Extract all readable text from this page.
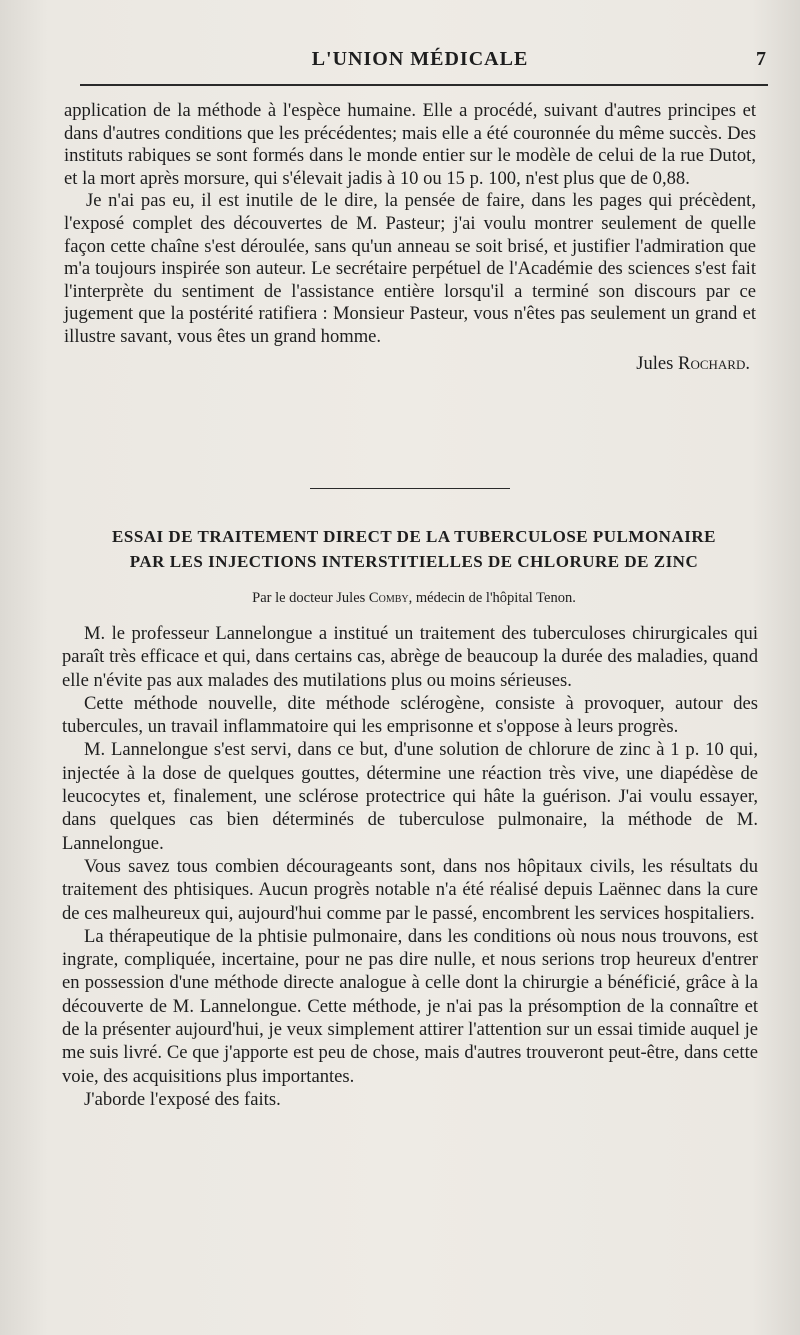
L'UNION MÉDICALE	7

application de la méthode à l'espèce humaine. Elle a procédé, suivant d'autres principes et dans d'autres conditions que les précédentes; mais elle a été couronnée du même succès. Des instituts rabiques se sont formés dans le monde entier sur le modèle de celui de la rue Dutot, et la mort après morsure, qui s'élevait jadis à 10 ou 15 p. 100, n'est plus que de 0,88.

Je n'ai pas eu, il est inutile de le dire, la pensée de faire, dans les pages qui précèdent, l'exposé complet des découvertes de M. Pasteur; j'ai voulu montrer seulement de quelle façon cette chaîne s'est déroulée, sans qu'un anneau se soit brisé, et justifier l'admiration que m'a toujours inspirée son auteur. Le secrétaire perpétuel de l'Académie des sciences s'est fait l'interprète du sentiment de l'assistance entière lorsqu'il a terminé son discours par ce jugement que la postérité ratifiera : Monsieur Pasteur, vous n'êtes pas seulement un grand et illustre savant, vous êtes un grand homme.

Jules Rochard.
ESSAI DE TRAITEMENT DIRECT DE LA TUBERCULOSE PULMONAIRE
PAR LES INJECTIONS INTERSTITIELLES DE CHLORURE DE ZINC
Par le docteur Jules Comby, médecin de l'hôpital Tenon.

M. le professeur Lannelongue a institué un traitement des tuberculoses chirurgicales qui paraît très efficace et qui, dans certains cas, abrège de beaucoup la durée des maladies, quand elle n'évite pas aux malades des mutilations plus ou moins sérieuses.

Cette méthode nouvelle, dite méthode sclérogène, consiste à provoquer, autour des tubercules, un travail inflammatoire qui les emprisonne et s'oppose à leurs progrès.

M. Lannelongue s'est servi, dans ce but, d'une solution de chlorure de zinc à 1 p. 10 qui, injectée à la dose de quelques gouttes, détermine une réaction très vive, une diapédèse de leucocytes et, finalement, une sclérose protectrice qui hâte la guérison. J'ai voulu essayer, dans quelques cas bien déterminés de tuberculose pulmonaire, la méthode de M. Lannelongue.

Vous savez tous combien décourageants sont, dans nos hôpitaux civils, les résultats du traitement des phtisiques. Aucun progrès notable n'a été réalisé depuis Laënnec dans la cure de ces malheureux qui, aujourd'hui comme par le passé, encombrent les services hospitaliers.

La thérapeutique de la phtisie pulmonaire, dans les conditions où nous nous trouvons, est ingrate, compliquée, incertaine, pour ne pas dire nulle, et nous serions trop heureux d'entrer en possession d'une méthode directe analogue à celle dont la chirurgie a bénéficié, grâce à la découverte de M. Lannelongue. Cette méthode, je n'ai pas la présomption de la connaître et de la présenter aujourd'hui, je veux simplement attirer l'attention sur un essai timide auquel je me suis livré. Ce que j'apporte est peu de chose, mais d'autres trouveront peut-être, dans cette voie, des acquisitions plus importantes.

J'aborde l'exposé des faits.
